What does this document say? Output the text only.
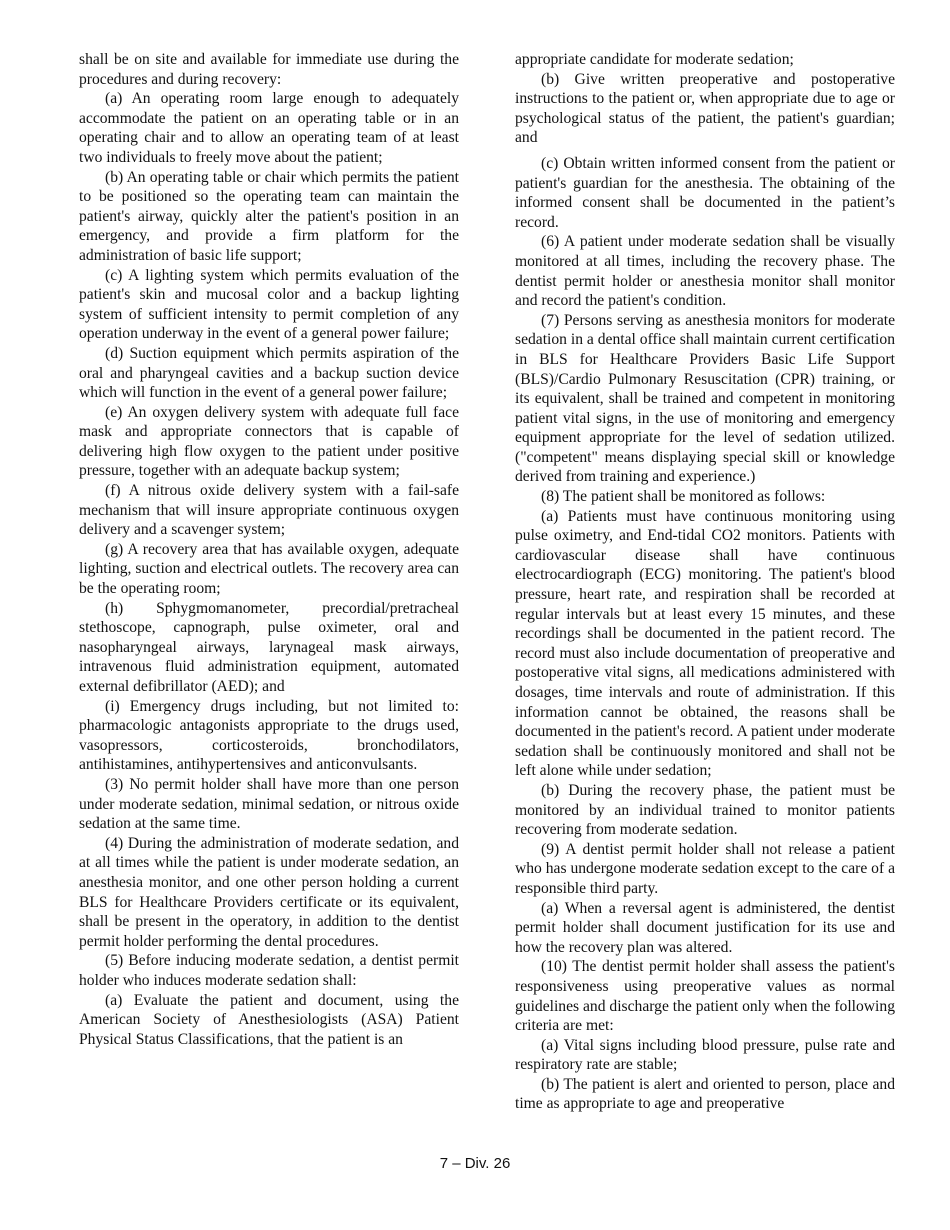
shall be on site and available for immediate use during the procedures and during recovery:

(a) An operating room large enough to adequately accommodate the patient on an operating table or in an operating chair and to allow an operating team of at least two individuals to freely move about the patient;

(b) An operating table or chair which permits the patient to be positioned so the operating team can maintain the patient's airway, quickly alter the patient's position in an emergency, and provide a firm platform for the administration of basic life support;

(c) A lighting system which permits evaluation of the patient's skin and mucosal color and a backup lighting system of sufficient intensity to permit completion of any operation underway in the event of a general power failure;

(d) Suction equipment which permits aspiration of the oral and pharyngeal cavities and a backup suction device which will function in the event of a general power failure;

(e) An oxygen delivery system with adequate full face mask and appropriate connectors that is capable of delivering high flow oxygen to the patient under positive pressure, together with an adequate backup system;

(f) A nitrous oxide delivery system with a fail-safe mechanism that will insure appropriate continuous oxygen delivery and a scavenger system;

(g) A recovery area that has available oxygen, adequate lighting, suction and electrical outlets. The recovery area can be the operating room;

(h) Sphygmomanometer, precordial/pretracheal stethoscope, capnograph, pulse oximeter, oral and nasopharyngeal airways, larynageal mask airways, intravenous fluid administration equipment, automated external defibrillator (AED); and

(i) Emergency drugs including, but not limited to: pharmacologic antagonists appropriate to the drugs used, vasopressors, corticosteroids, bronchodilators, antihistamines, antihypertensives and anticonvulsants.

(3) No permit holder shall have more than one person under moderate sedation, minimal sedation, or nitrous oxide sedation at the same time.

(4) During the administration of moderate sedation, and at all times while the patient is under moderate sedation, an anesthesia monitor, and one other person holding a current BLS for Healthcare Providers certificate or its equivalent, shall be present in the operatory, in addition to the dentist permit holder performing the dental procedures.

(5) Before inducing moderate sedation, a dentist permit holder who induces moderate sedation shall:

(a) Evaluate the patient and document, using the American Society of Anesthesiologists (ASA) Patient Physical Status Classifications, that the patient is an

appropriate candidate for moderate sedation;

(b) Give written preoperative and postoperative instructions to the patient or, when appropriate due to age or psychological status of the patient, the patient's guardian; and

(c) Obtain written informed consent from the patient or patient's guardian for the anesthesia. The obtaining of the informed consent shall be documented in the patient’s record.

(6) A patient under moderate sedation shall be visually monitored at all times, including the recovery phase. The dentist permit holder or anesthesia monitor shall monitor and record the patient's condition.

(7) Persons serving as anesthesia monitors for moderate sedation in a dental office shall maintain current certification in BLS for Healthcare Providers Basic Life Support (BLS)/Cardio Pulmonary Resuscitation (CPR) training, or its equivalent, shall be trained and competent in monitoring patient vital signs, in the use of monitoring and emergency equipment appropriate for the level of sedation utilized. ("competent" means displaying special skill or knowledge derived from training and experience.)

(8) The patient shall be monitored as follows:

(a) Patients must have continuous monitoring using pulse oximetry, and End-tidal CO2 monitors. Patients with cardiovascular disease shall have continuous electrocardiograph (ECG) monitoring. The patient's blood pressure, heart rate, and respiration shall be recorded at regular intervals but at least every 15 minutes, and these recordings shall be documented in the patient record. The record must also include documentation of preoperative and postoperative vital signs, all medications administered with dosages, time intervals and route of administration. If this information cannot be obtained, the reasons shall be documented in the patient's record. A patient under moderate sedation shall be continuously monitored and shall not be left alone while under sedation;

(b) During the recovery phase, the patient must be monitored by an individual trained to monitor patients recovering from moderate sedation.

(9) A dentist permit holder shall not release a patient who has undergone moderate sedation except to the care of a responsible third party.

(a) When a reversal agent is administered, the dentist permit holder shall document justification for its use and how the recovery plan was altered.

(10) The dentist permit holder shall assess the patient's responsiveness using preoperative values as normal guidelines and discharge the patient only when the following criteria are met:

(a) Vital signs including blood pressure, pulse rate and respiratory rate are stable;

(b) The patient is alert and oriented to person, place and time as appropriate to age and preoperative

7 – Div. 26
